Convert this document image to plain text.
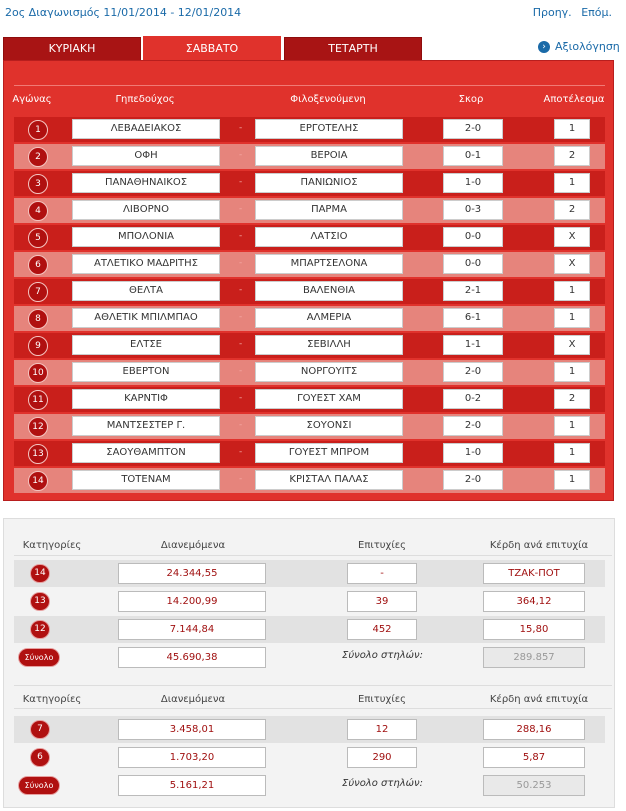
2ος Διαγωνισμός 11/01/2014 - 12/01/2014	Προηγ. Επόμ.
ΚΥΡΙΑΚΗ	ΣΑΒΒΑΤΟ	ΤΕΤΑΡΤΗ	› Αξιολόγηση
Αγώνας	Γηπεδούχος	Φιλοξενούμενη	Σκορ	Αποτέλεσμα
1	ΛΕΒΑΔΕΙΑΚΟΣ	-	ΕΡΓΟΤΕΛΗΣ	2-0	1
2	ΟΦΗ	-	ΒΕΡΟΙΑ	0-1	2
3	ΠΑΝΑΘΗΝΑΙΚΟΣ	-	ΠΑΝΙΩΝΙΟΣ	1-0	1
4	ΛΙΒΟΡΝΟ	-	ΠΑΡΜΑ	0-3	2
5	ΜΠΟΛΟΝΙΑ	-	ΛΑΤΣΙΟ	0-0	Χ
6	ΑΤΛΕΤΙΚΟ ΜΑΔΡΙΤΗΣ	-	ΜΠΑΡΤΣΕΛΟΝΑ	0-0	Χ
7	ΘΕΛΤΑ	-	ΒΑΛΕΝΘΙΑ	2-1	1
8	ΑΘΛΕΤΙΚ ΜΠΙΛΜΠΑΟ	-	ΑΛΜΕΡΙΑ	6-1	1
9	ΕΛΤΣΕ	-	ΣΕΒΙΛΛΗ	1-1	Χ
10	ΕΒΕΡΤΟΝ	-	ΝΟΡΓΟΥΙΤΣ	2-0	1
11	ΚΑΡΝΤΙΦ	-	ΓΟΥΕΣΤ ΧΑΜ	0-2	2
12	ΜΑΝΤΣΕΣΤΕΡ Γ.	-	ΣΟΥΟΝΣΙ	2-0	1
13	ΣΑΟΥΘΑΜΠΤΟΝ	-	ΓΟΥΕΣΤ ΜΠΡΟΜ	1-0	1
14	ΤΟΤΕΝΑΜ	-	ΚΡΙΣΤΑΛ ΠΑΛΑΣ	2-0	1
Κατηγορίες	Διανεμόμενα	Επιτυχίες	Κέρδη ανά επιτυχία
14	24.344,55	-	ΤΖΑΚ-ΠΟΤ
13	14.200,99	39	364,12
12	7.144,84	452	15,80
Σύνολο	45.690,38	Σύνολο στηλών:	289.857
Κατηγορίες	Διανεμόμενα	Επιτυχίες	Κέρδη ανά επιτυχία
7	3.458,01	12	288,16
6	1.703,20	290	5,87
Σύνολο	5.161,21	Σύνολο στηλών:	50.253
